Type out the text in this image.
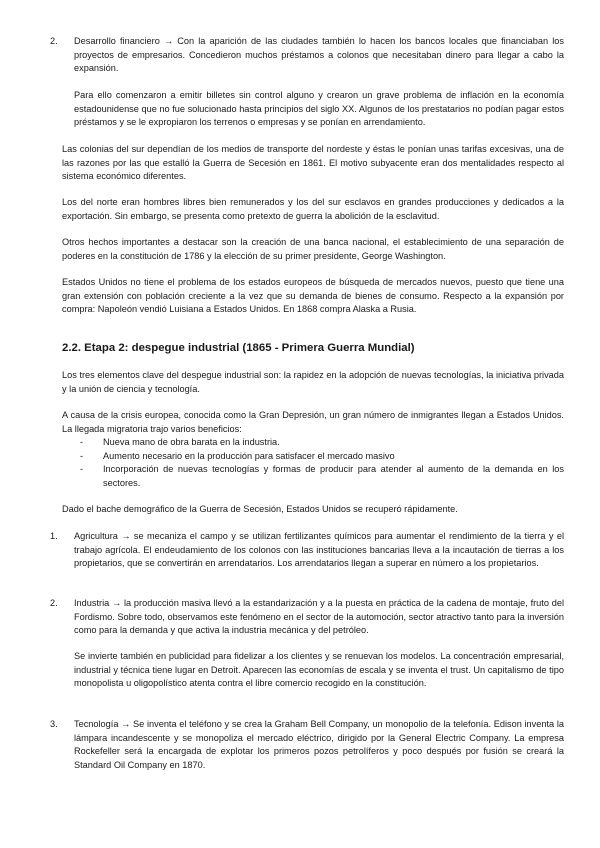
2. Desarrollo financiero → Con la aparición de las ciudades también lo hacen los bancos locales que financiaban los proyectos de empresarios. Concedieron muchos préstamos a colonos que necesitaban dinero para llegar a cabo la expansión.

Para ello comenzaron a emitir billetes sin control alguno y crearon un grave problema de inflación en la economía estadounidense que no fue solucionado hasta principios del siglo XX. Algunos de los prestatarios no podían pagar estos préstamos y se le expropiaron los terrenos o empresas y se ponían en arrendamiento.

Las colonias del sur dependían de los medios de transporte del nordeste y éstas le ponían unas tarifas excesivas, una de las razones por las que estalló la Guerra de Secesión en 1861. El motivo subyacente eran dos mentalidades respecto al sistema económico diferentes.

Los del norte eran hombres libres bien remunerados y los del sur esclavos en grandes producciones y dedicados a la exportación. Sin embargo, se presenta como pretexto de guerra la abolición de la esclavitud.

Otros hechos importantes a destacar son la creación de una banca nacional, el establecimiento de una separación de poderes en la constitución de 1786 y la elección de su primer presidente, George Washington.

Estados Unidos no tiene el problema de los estados europeos de búsqueda de mercados nuevos, puesto que tiene una gran extensión con población creciente a la vez que su demanda de bienes de consumo. Respecto a la expansión por compra: Napoleón vendió Luisiana a Estados Unidos. En 1868 compra Alaska a Rusia.

2.2. Etapa 2: despegue industrial (1865 - Primera Guerra Mundial)

Los tres elementos clave del despegue industrial son: la rapidez en la adopción de nuevas tecnologías, la iniciativa privada y la unión de ciencia y tecnología.

A causa de la crisis europea, conocida como la Gran Depresión, un gran número de inmigrantes llegan a Estados Unidos. La llegada migratoria trajo varios beneficios:

- Nueva mano de obra barata en la industria.

- Aumento necesario en la producción para satisfacer el mercado masivo

- Incorporación de nuevas tecnologías y formas de producir para atender al aumento de la demanda en los sectores.

Dado el bache demográfico de la Guerra de Secesión, Estados Unidos se recuperó rápidamente.

1. Agricultura → se mecaniza el campo y se utilizan fertilizantes químicos para aumentar el rendimiento de la tierra y el trabajo agrícola. El endeudamiento de los colonos con las instituciones bancarias lleva a la incautación de tierras a los propietarios, que se convertirán en arrendatarios. Los arrendatarios llegan a superar en número a los propietarios.

2. Industria → la producción masiva llevó a la estandarización y a la puesta en práctica de la cadena de montaje, fruto del Fordismo. Sobre todo, observamos este fenómeno en el sector de la automoción, sector atractivo tanto para la inversión como para la demanda y que activa la industria mecánica y del petróleo.

Se invierte también en publicidad para fidelizar a los clientes y se renuevan los modelos. La concentración empresarial, industrial y técnica tiene lugar en Detroit. Aparecen las economías de escala y se inventa el trust. Un capitalismo de tipo monopolista u oligopolístico atenta contra el libre comercio recogido en la constitución.

3. Tecnología → Se inventa el teléfono y se crea la Graham Bell Company, un monopolio de la telefonía. Edison inventa la lámpara incandescente y se monopoliza el mercado eléctrico, dirigido por la General Electric Company. La empresa Rockefeller será la encargada de explotar los primeros pozos petrolíferos y poco después por fusión se creará la Standard Oil Company en 1870.
